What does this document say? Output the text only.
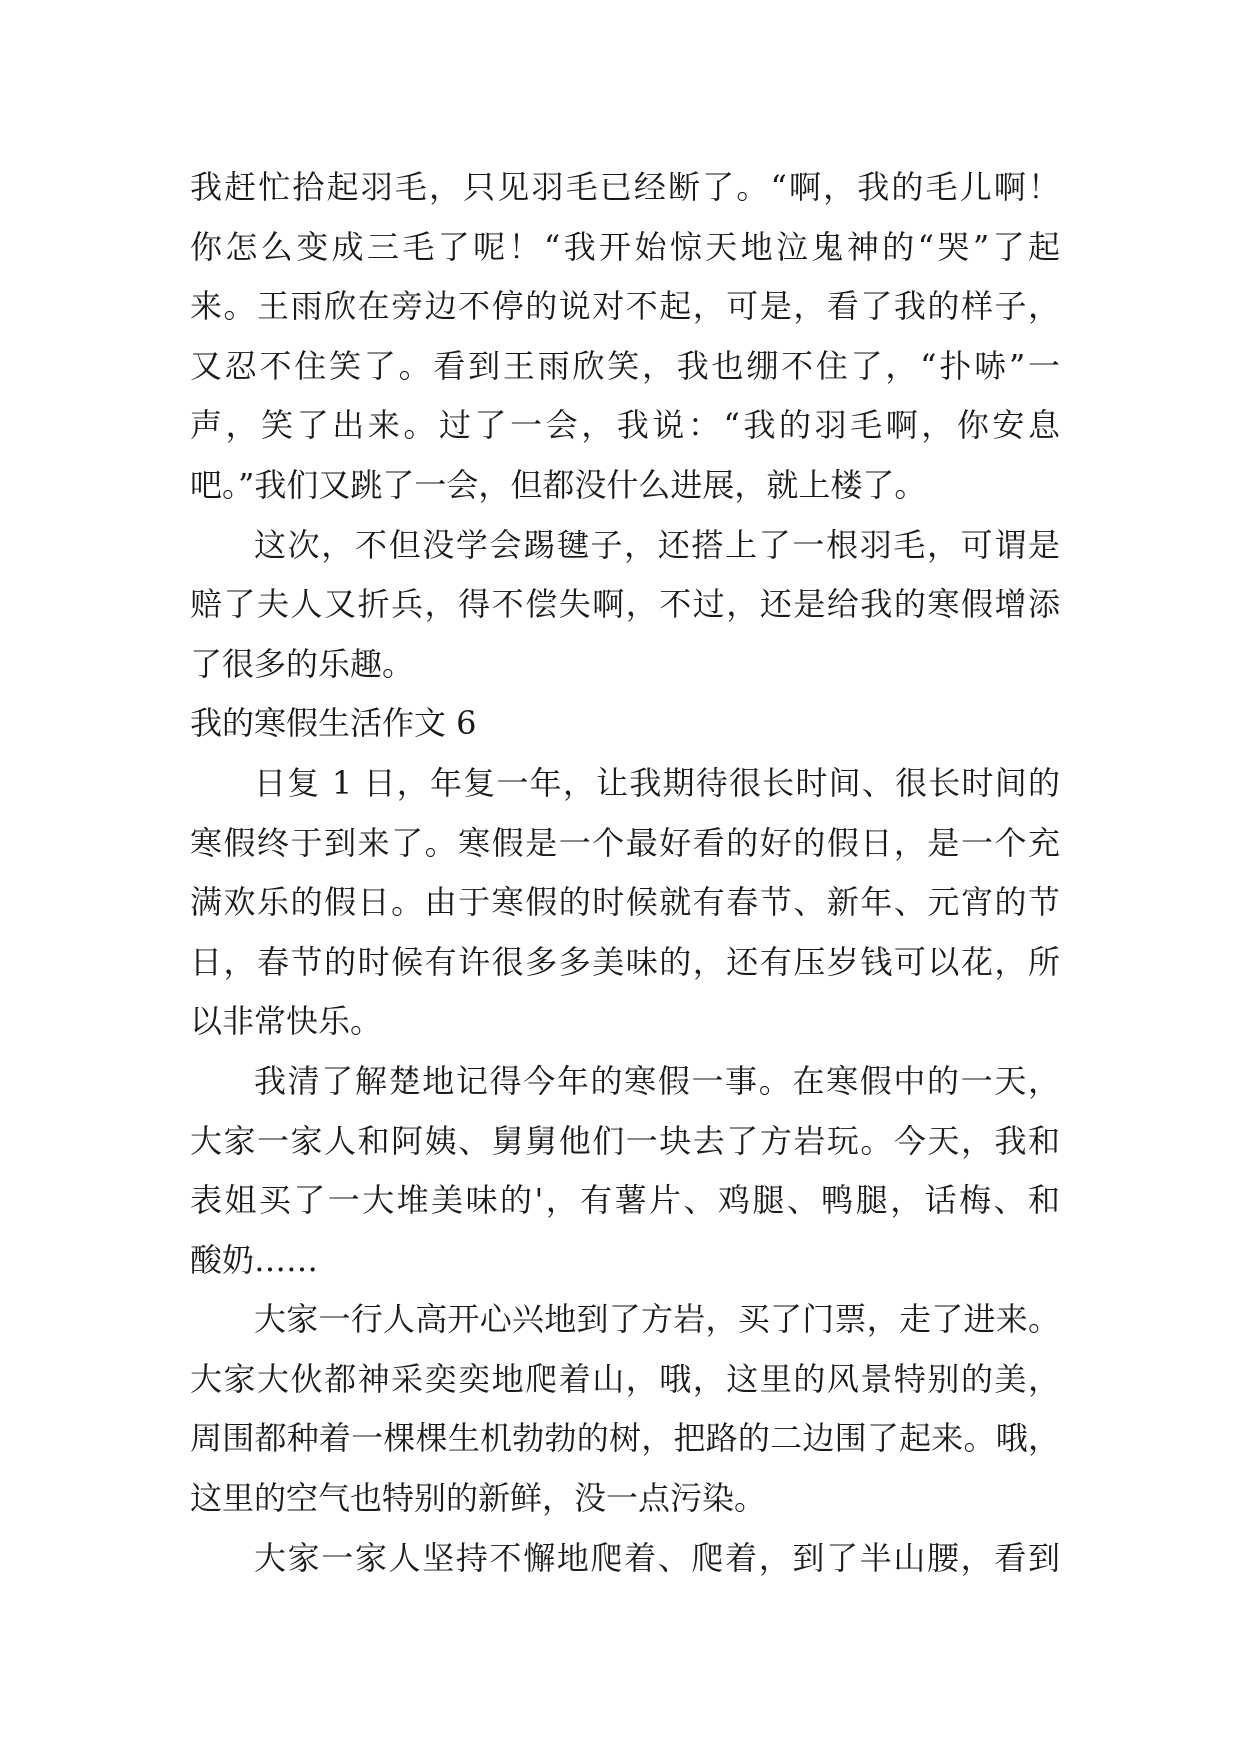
我赶忙拾起羽毛，只见羽毛已经断了。“啊，我的毛儿啊！
你怎么变成三毛了呢！“我开始惊天地泣鬼神的“哭”了起
来。王雨欣在旁边不停的说对不起，可是，看了我的样子，
又忍不住笑了。看到王雨欣笑，我也绷不住了，“扑哧”一
声，笑了出来。过了一会，我说：“我的羽毛啊，你安息
吧。”我们又跳了一会，但都没什么进展，就上楼了。
这次，不但没学会踢毽子，还搭上了一根羽毛，可谓是
赔了夫人又折兵，得不偿失啊，不过，还是给我的寒假增添
了很多的乐趣。
我的寒假生活作文 6
日复 1 日，年复一年，让我期待很长时间、很长时间的
寒假终于到来了。寒假是一个最好看的好的假日，是一个充
满欢乐的假日。由于寒假的时候就有春节、新年、元宵的节
日，春节的时候有许很多多美味的，还有压岁钱可以花，所
以非常快乐。
我清了解楚地记得今年的寒假一事。在寒假中的一天，
大家一家人和阿姨、舅舅他们一块去了方岩玩。今天，我和
表姐买了一大堆美味的'，有薯片、鸡腿、鸭腿，话梅、和
酸奶……
大家一行人高开心兴地到了方岩，买了门票，走了进来。
大家大伙都神采奕奕地爬着山，哦，这里的风景特别的美，
周围都种着一棵棵生机勃勃的树，把路的二边围了起来。哦，
这里的空气也特别的新鲜，没一点污染。
大家一家人坚持不懈地爬着、爬着，到了半山腰，看到
